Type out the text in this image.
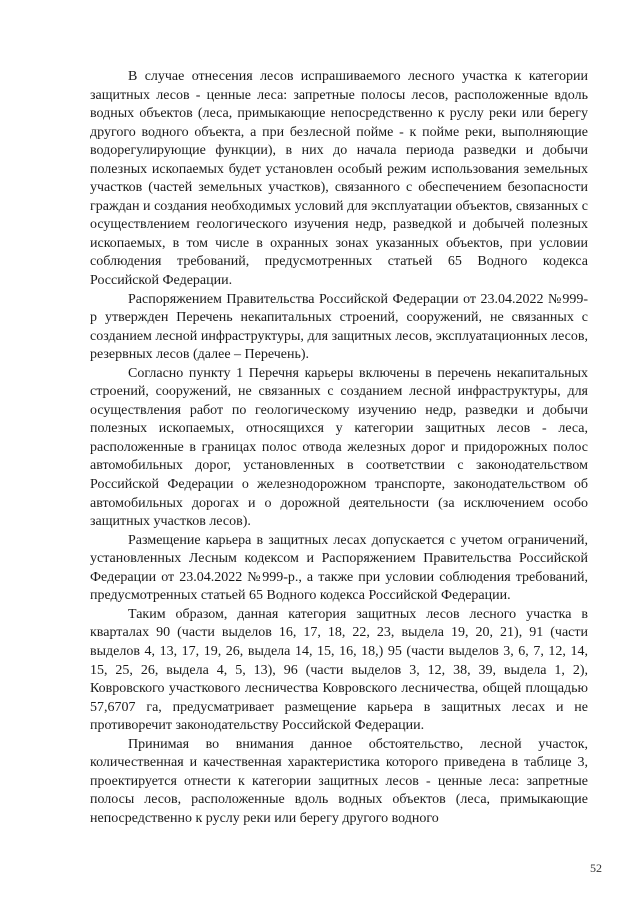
В случае отнесения лесов испрашиваемого лесного участка к категории защитных лесов - ценные леса: запретные полосы лесов, расположенные вдоль водных объектов (леса, примыкающие непосредственно к руслу реки или берегу другого водного объекта, а при безлесной пойме - к пойме реки, выполняющие водорегулирующие функции), в них до начала периода разведки и добычи полезных ископаемых будет установлен особый режим использования земельных участков (частей земельных участков), связанного с обеспечением безопасности граждан и создания необходимых условий для эксплуатации объектов, связанных с осуществлением геологического изучения недр, разведкой и добычей полезных ископаемых, в том числе в охранных зонах указанных объектов, при условии соблюдения требований, предусмотренных статьей 65 Водного кодекса Российской Федерации.

Распоряжением Правительства Российской Федерации от 23.04.2022 №999-р утвержден Перечень некапитальных строений, сооружений, не связанных с созданием лесной инфраструктуры, для защитных лесов, эксплуатационных лесов, резервных лесов (далее – Перечень).

Согласно пункту 1 Перечня карьеры включены в перечень некапитальных строений, сооружений, не связанных с созданием лесной инфраструктуры, для осуществления работ по геологическому изучению недр, разведки и добычи полезных ископаемых, относящихся у категории защитных лесов - леса, расположенные в границах полос отвода железных дорог и придорожных полос автомобильных дорог, установленных в соответствии с законодательством Российской Федерации о железнодорожном транспорте, законодательством об автомобильных дорогах и о дорожной деятельности (за исключением особо защитных участков лесов).

Размещение карьера в защитных лесах допускается с учетом ограничений, установленных Лесным кодексом и Распоряжением Правительства Российской Федерации от 23.04.2022 №999-р., а также при условии соблюдения требований, предусмотренных статьей 65 Водного кодекса Российской Федерации.

Таким образом, данная категория защитных лесов лесного участка в кварталах 90 (части выделов 16, 17, 18, 22, 23, выдела 19, 20, 21), 91 (части выделов 4, 13, 17, 19, 26, выдела 14, 15, 16, 18,) 95 (части выделов 3, 6, 7, 12, 14, 15, 25, 26, выдела 4, 5, 13), 96 (части выделов 3, 12, 38, 39, выдела 1, 2), Ковровского участкового лесничества Ковровского лесничества, общей площадью 57,6707 га, предусматривает размещение карьера в защитных лесах и не противоречит законодательству Российской Федерации.

Принимая во внимания данное обстоятельство, лесной участок, количественная и качественная характеристика которого приведена в таблице 3, проектируется отнести к категории защитных лесов - ценные леса: запретные полосы лесов, расположенные вдоль водных объектов (леса, примыкающие непосредственно к руслу реки или берегу другого водного

52
